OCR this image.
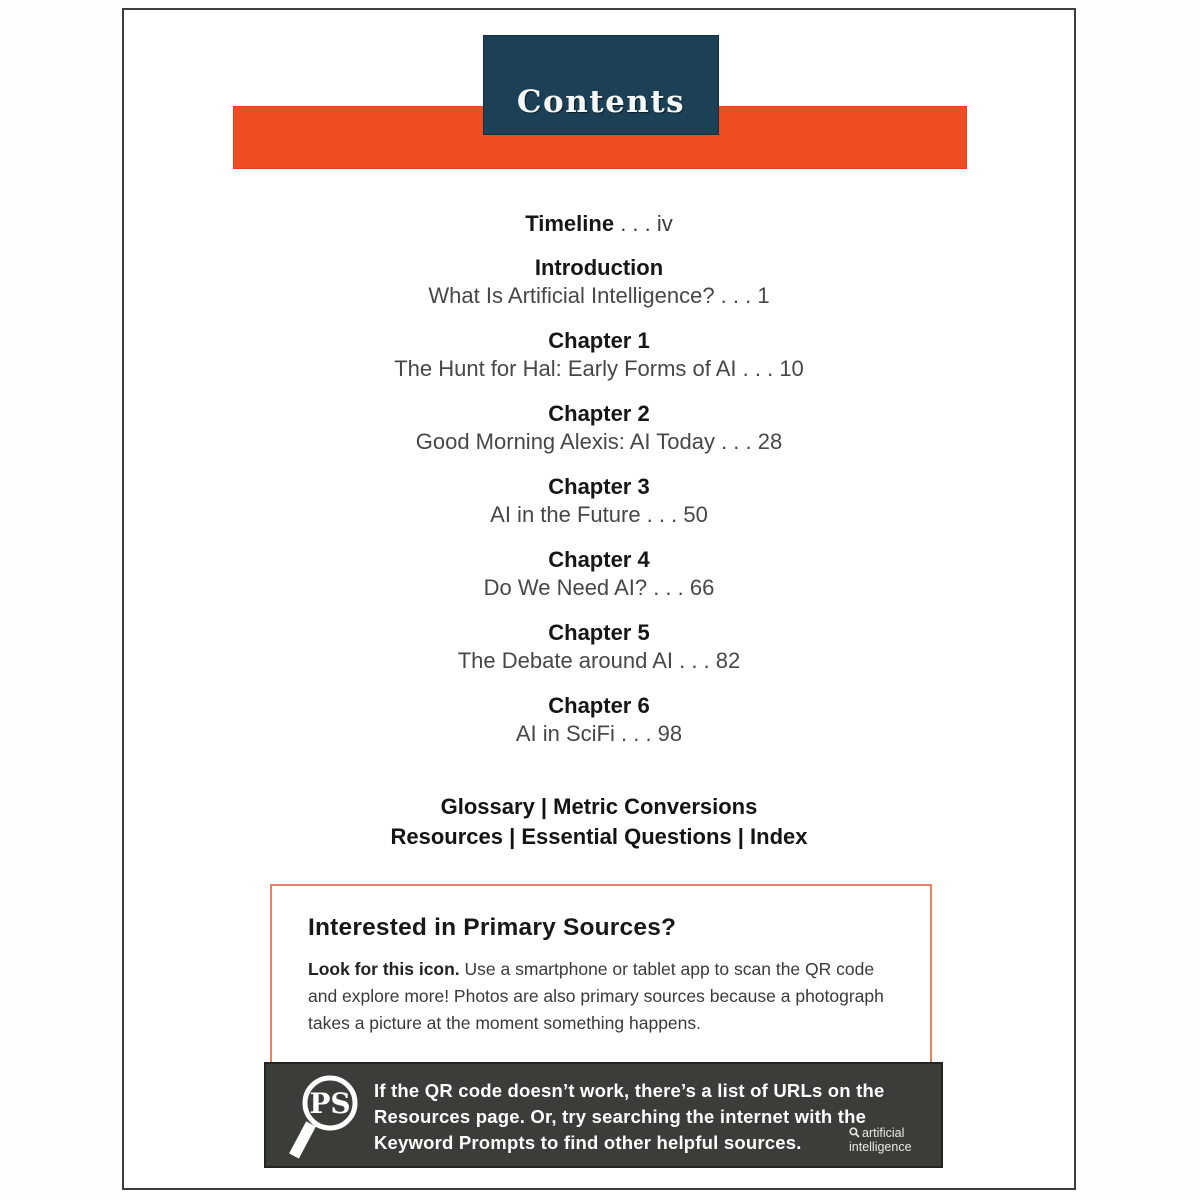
Contents
Timeline . . . iv
Introduction
What Is Artificial Intelligence? . . . 1
Chapter 1
The Hunt for Hal: Early Forms of AI . . . 10
Chapter 2
Good Morning Alexis: AI Today . . . 28
Chapter 3
AI in the Future . . . 50
Chapter 4
Do We Need AI? . . . 66
Chapter 5
The Debate around AI . . . 82
Chapter 6
AI in SciFi . . . 98
Glossary | Metric Conversions
Resources | Essential Questions | Index
Interested in Primary Sources?
Look for this icon. Use a smartphone or tablet app to scan the QR code
and explore more! Photos are also primary sources because a photograph
takes a picture at the moment something happens.
PS If the QR code doesn’t work, there’s a list of URLs on the
Resources page. Or, try searching the internet with the
Keyword Prompts to find other helpful sources.	artificial intelligence
